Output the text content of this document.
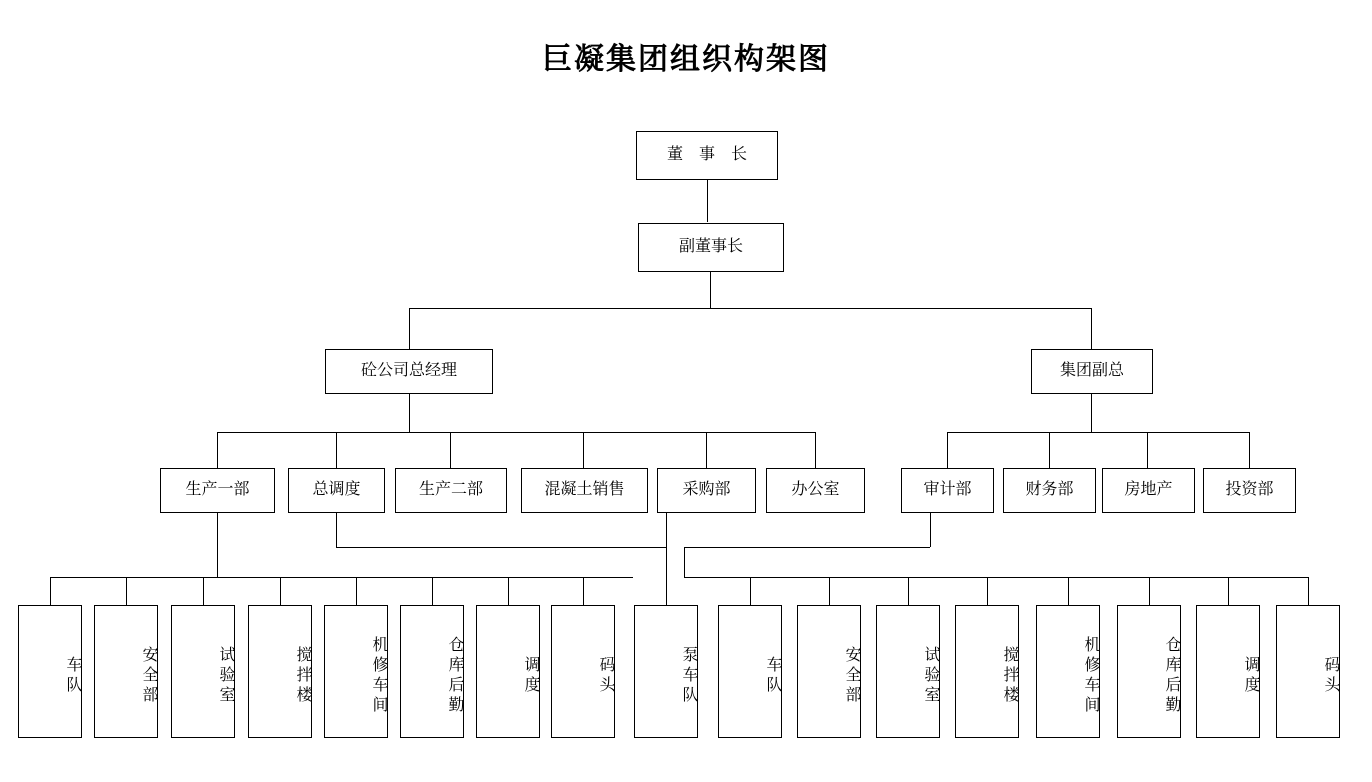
巨凝集团组织构架图
董 事 长
副董事长
砼公司总经理	集团副总
生产一部	总调度	生产二部	混凝土销售	采购部	办公室	审计部	财务部	房地产	投资部
车队	安全部	试验室	搅拌楼	机修车间	仓库后勤	调度	码头	泵车队	车队	安全部	试验室	搅拌楼	机修车间	仓库后勤	调度	码头
